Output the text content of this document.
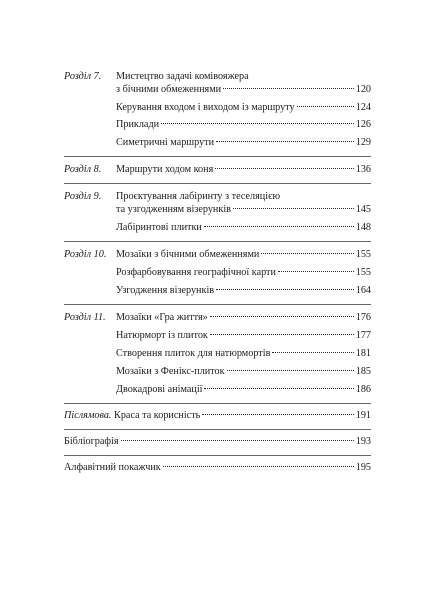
Розділ 7. Мистецтво задачі комівояжера
з бічними обмеженнями	120
Керування входом і виходом із маршруту	124
Приклади	126
Симетричні маршрути	129
Розділ 8. Маршрути ходом коня	136
Розділ 9. Проєктування лабіринту з теселяцією
та узгодженням візерунків	145
Лабіринтові плитки	148
Розділ 10. Мозаїки з бічними обмеженнями	155
Розфарбовування географічної карти	155
Узгодження візерунків	164
Розділ 11. Мозаїки «Гра життя»	176
Натюрморт із плиток	177
Створення плиток для натюрмортів	181
Мозаїки з Фенікс-плиток	185
Двокадрові анімації	186
Післямова. Краса та корисність	191
Бібліографія	193
Алфавітний покажчик	195
